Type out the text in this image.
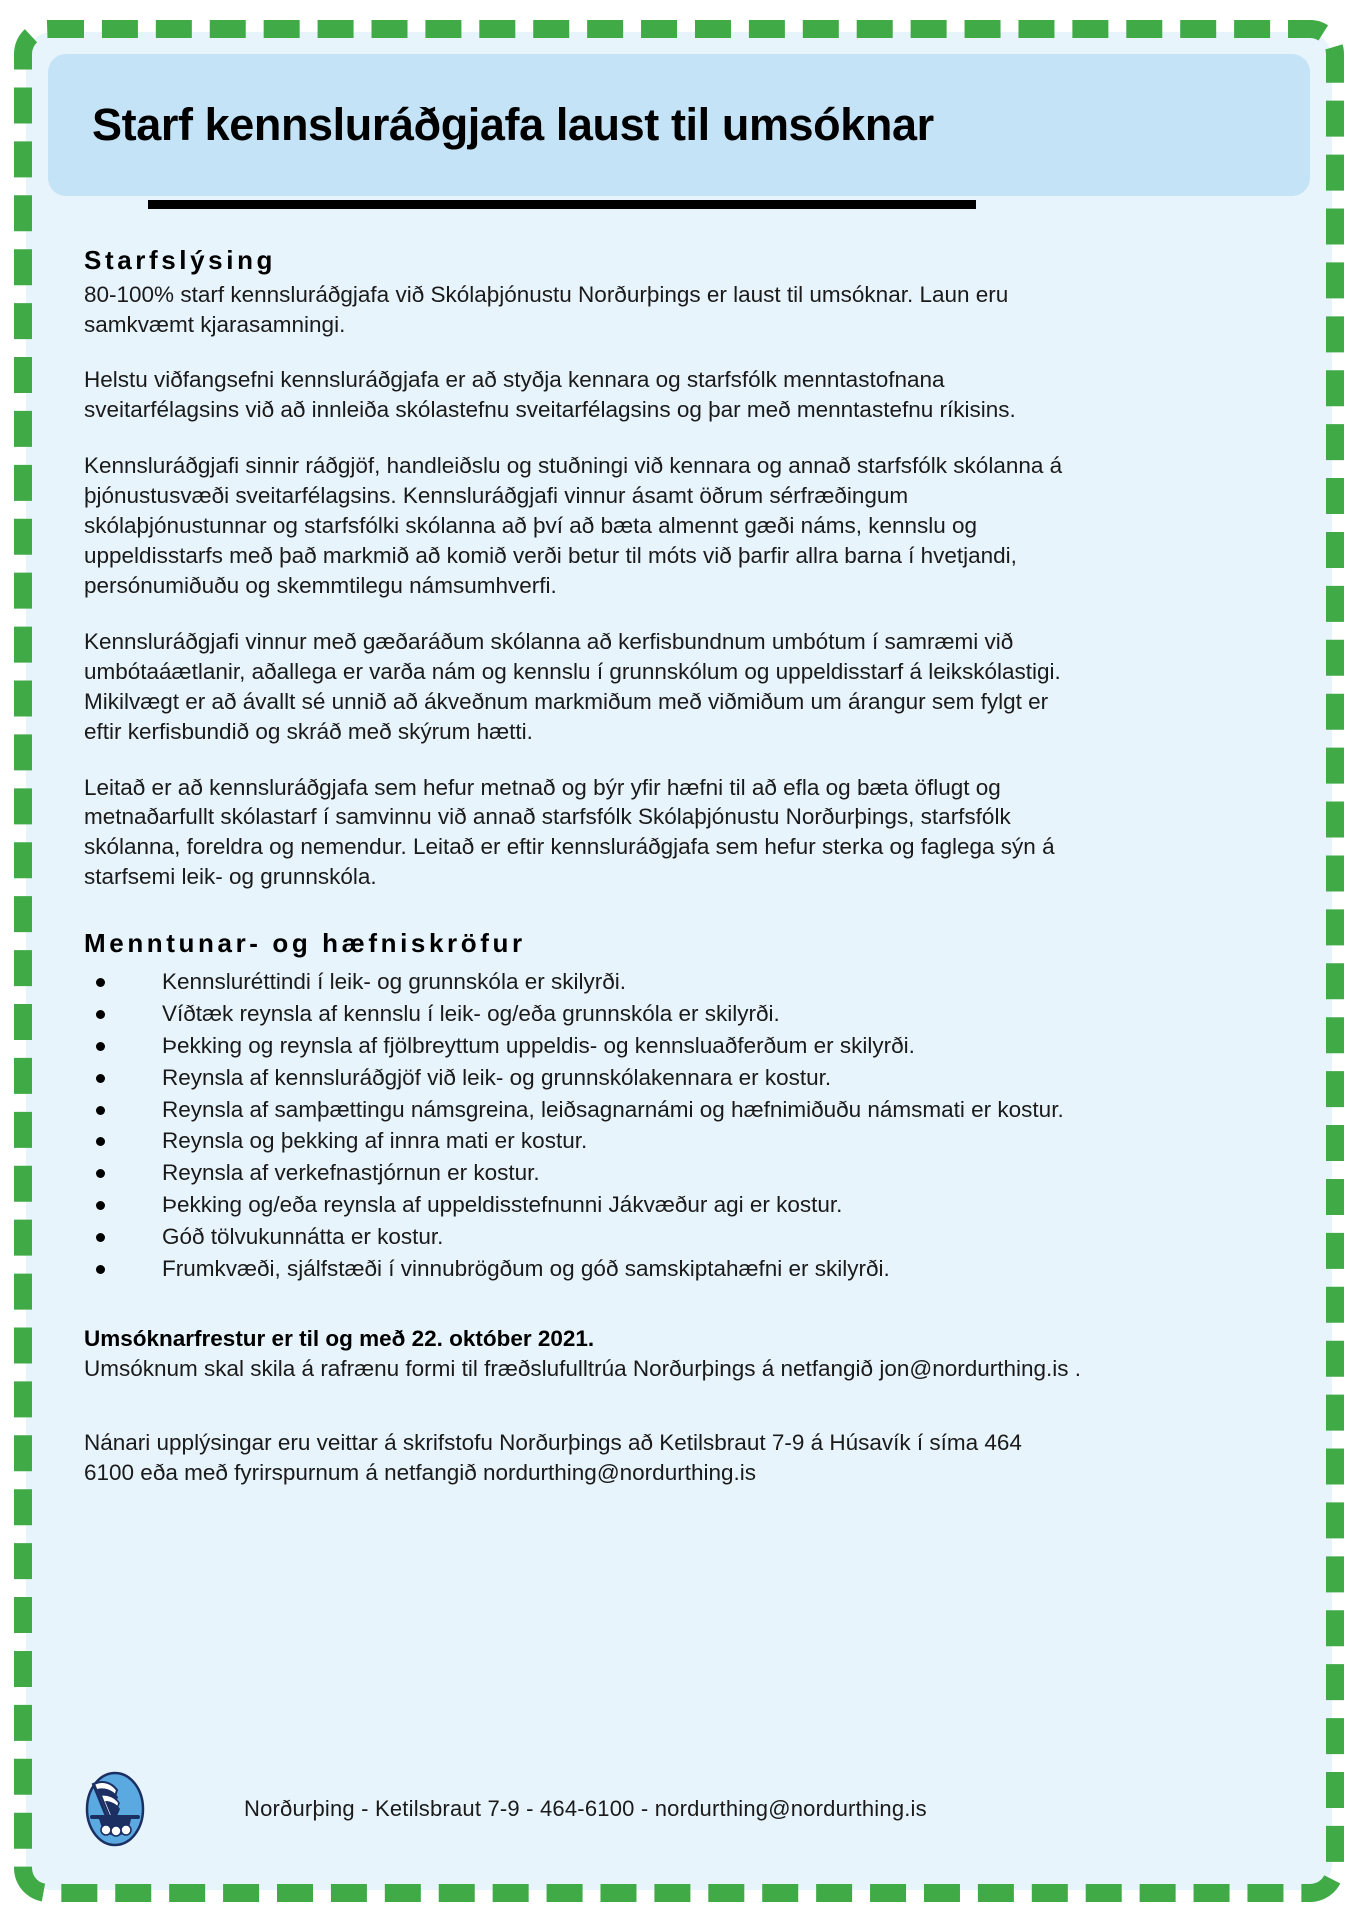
Starf kennsluráðgjafa laust til umsóknar
Starfslýsing

80-100% starf kennsluráðgjafa við Skólaþjónustu Norðurþings er laust til umsóknar. Laun eru samkvæmt kjarasamningi.

Helstu viðfangsefni kennsluráðgjafa er að styðja kennara og starfsfólk menntastofnana sveitarfélagsins við að innleiða skólastefnu sveitarfélagsins og þar með menntastefnu ríkisins.

Kennsluráðgjafi sinnir ráðgjöf, handleiðslu og stuðningi við kennara og annað starfsfólk skólanna á þjónustusvæði sveitarfélagsins. Kennsluráðgjafi vinnur ásamt öðrum sérfræðingum skólaþjónustunnar og starfsfólki skólanna að því að bæta almennt gæði náms, kennslu og uppeldisstarfs með það markmið að komið verði betur til móts við þarfir allra barna í hvetjandi, persónumiðuðu og skemmtilegu námsumhverfi.

Kennsluráðgjafi vinnur með gæðaráðum skólanna að kerfisbundnum umbótum í samræmi við umbótaáætlanir, aðallega er varða nám og kennslu í grunnskólum og uppeldisstarf á leikskólastigi. Mikilvægt er að ávallt sé unnið að ákveðnum markmiðum með viðmiðum um árangur sem fylgt er eftir kerfisbundið og skráð með skýrum hætti.

Leitað er að kennsluráðgjafa sem hefur metnað og býr yfir hæfni til að efla og bæta öflugt og metnaðarfullt skólastarf í samvinnu við annað starfsfólk Skólaþjónustu Norðurþings, starfsfólk skólanna, foreldra og nemendur. Leitað er eftir kennsluráðgjafa sem hefur sterka og faglega sýn á starfsemi leik- og grunnskóla.

Menntunar- og hæfniskröfur
Kennsluréttindi í leik- og grunnskóla er skilyrði.
Víðtæk reynsla af kennslu í leik- og/eða grunnskóla er skilyrði.
Þekking og reynsla af fjölbreyttum uppeldis- og kennsluaðferðum er skilyrði.
Reynsla af kennsluráðgjöf við leik- og grunnskólakennara er kostur.
Reynsla af samþættingu námsgreina, leiðsagnarnámi og hæfnimiðuðu námsmati er kostur.
Reynsla og þekking af innra mati er kostur.
Reynsla af verkefnastjórnun er kostur.
Þekking og/eða reynsla af uppeldisstefnunni Jákvæður agi er kostur.
Góð tölvukunnátta er kostur.
Frumkvæði, sjálfstæði í vinnubrögðum og góð samskiptahæfni er skilyrði.
Umsóknarfrestur er til og með 22. október 2021.
Umsóknum skal skila á rafrænu formi til fræðslufulltrúa Norðurþings á netfangið jon@nordurthing.is .
Nánari upplýsingar eru veittar á skrifstofu Norðurþings að Ketilsbraut 7-9 á Húsavík í síma 464 6100 eða með fyrirspurnum á netfangið nordurthing@nordurthing.is
Norðurþing - Ketilsbraut 7-9 - 464-6100 - nordurthing@nordurthing.is
